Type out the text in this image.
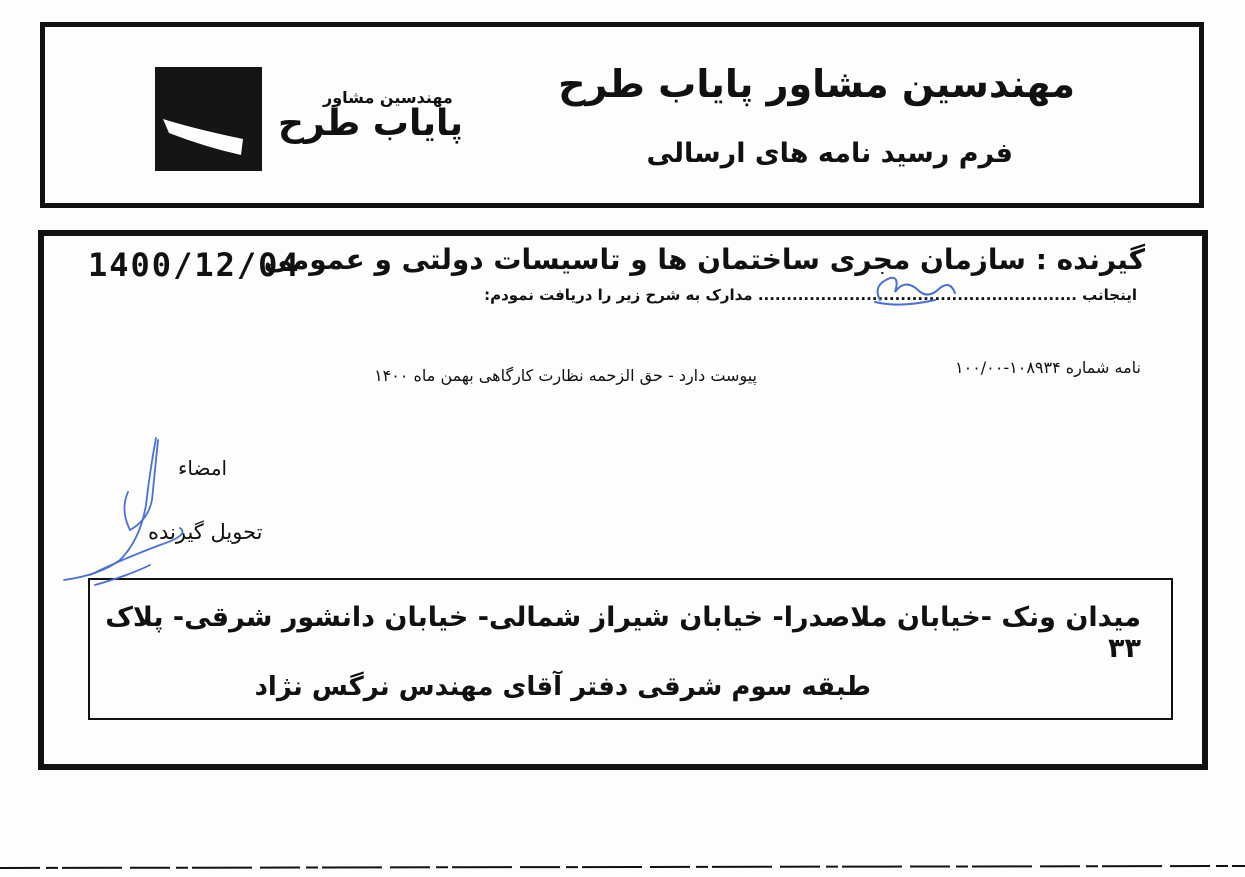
مهندسین مشاور
پایاب طرح
مهندسین مشاور پایاب طرح
فرم رسید نامه های ارسالی
1400/12/04
گیرنده : سازمان مجری ساختمان ها و تاسیسات دولتی و عمومی
اینجانب ........................................................ مدارک به شرح زیر را دریافت نمودم:
نامه شماره ۱۰۸۹۳۴-۱۰۰/۰۰
پیوست دارد - حق الزحمه نظارت کارگاهی بهمن ماه ۱۴۰۰
امضاء
تحویل گیرنده
میدان ونک -خیابان ملاصدرا- خیابان شیراز شمالی- خیابان دانشور شرقی- پلاک ۳۳
طبقه سوم شرقی دفتر آقای مهندس نرگس نژاد
